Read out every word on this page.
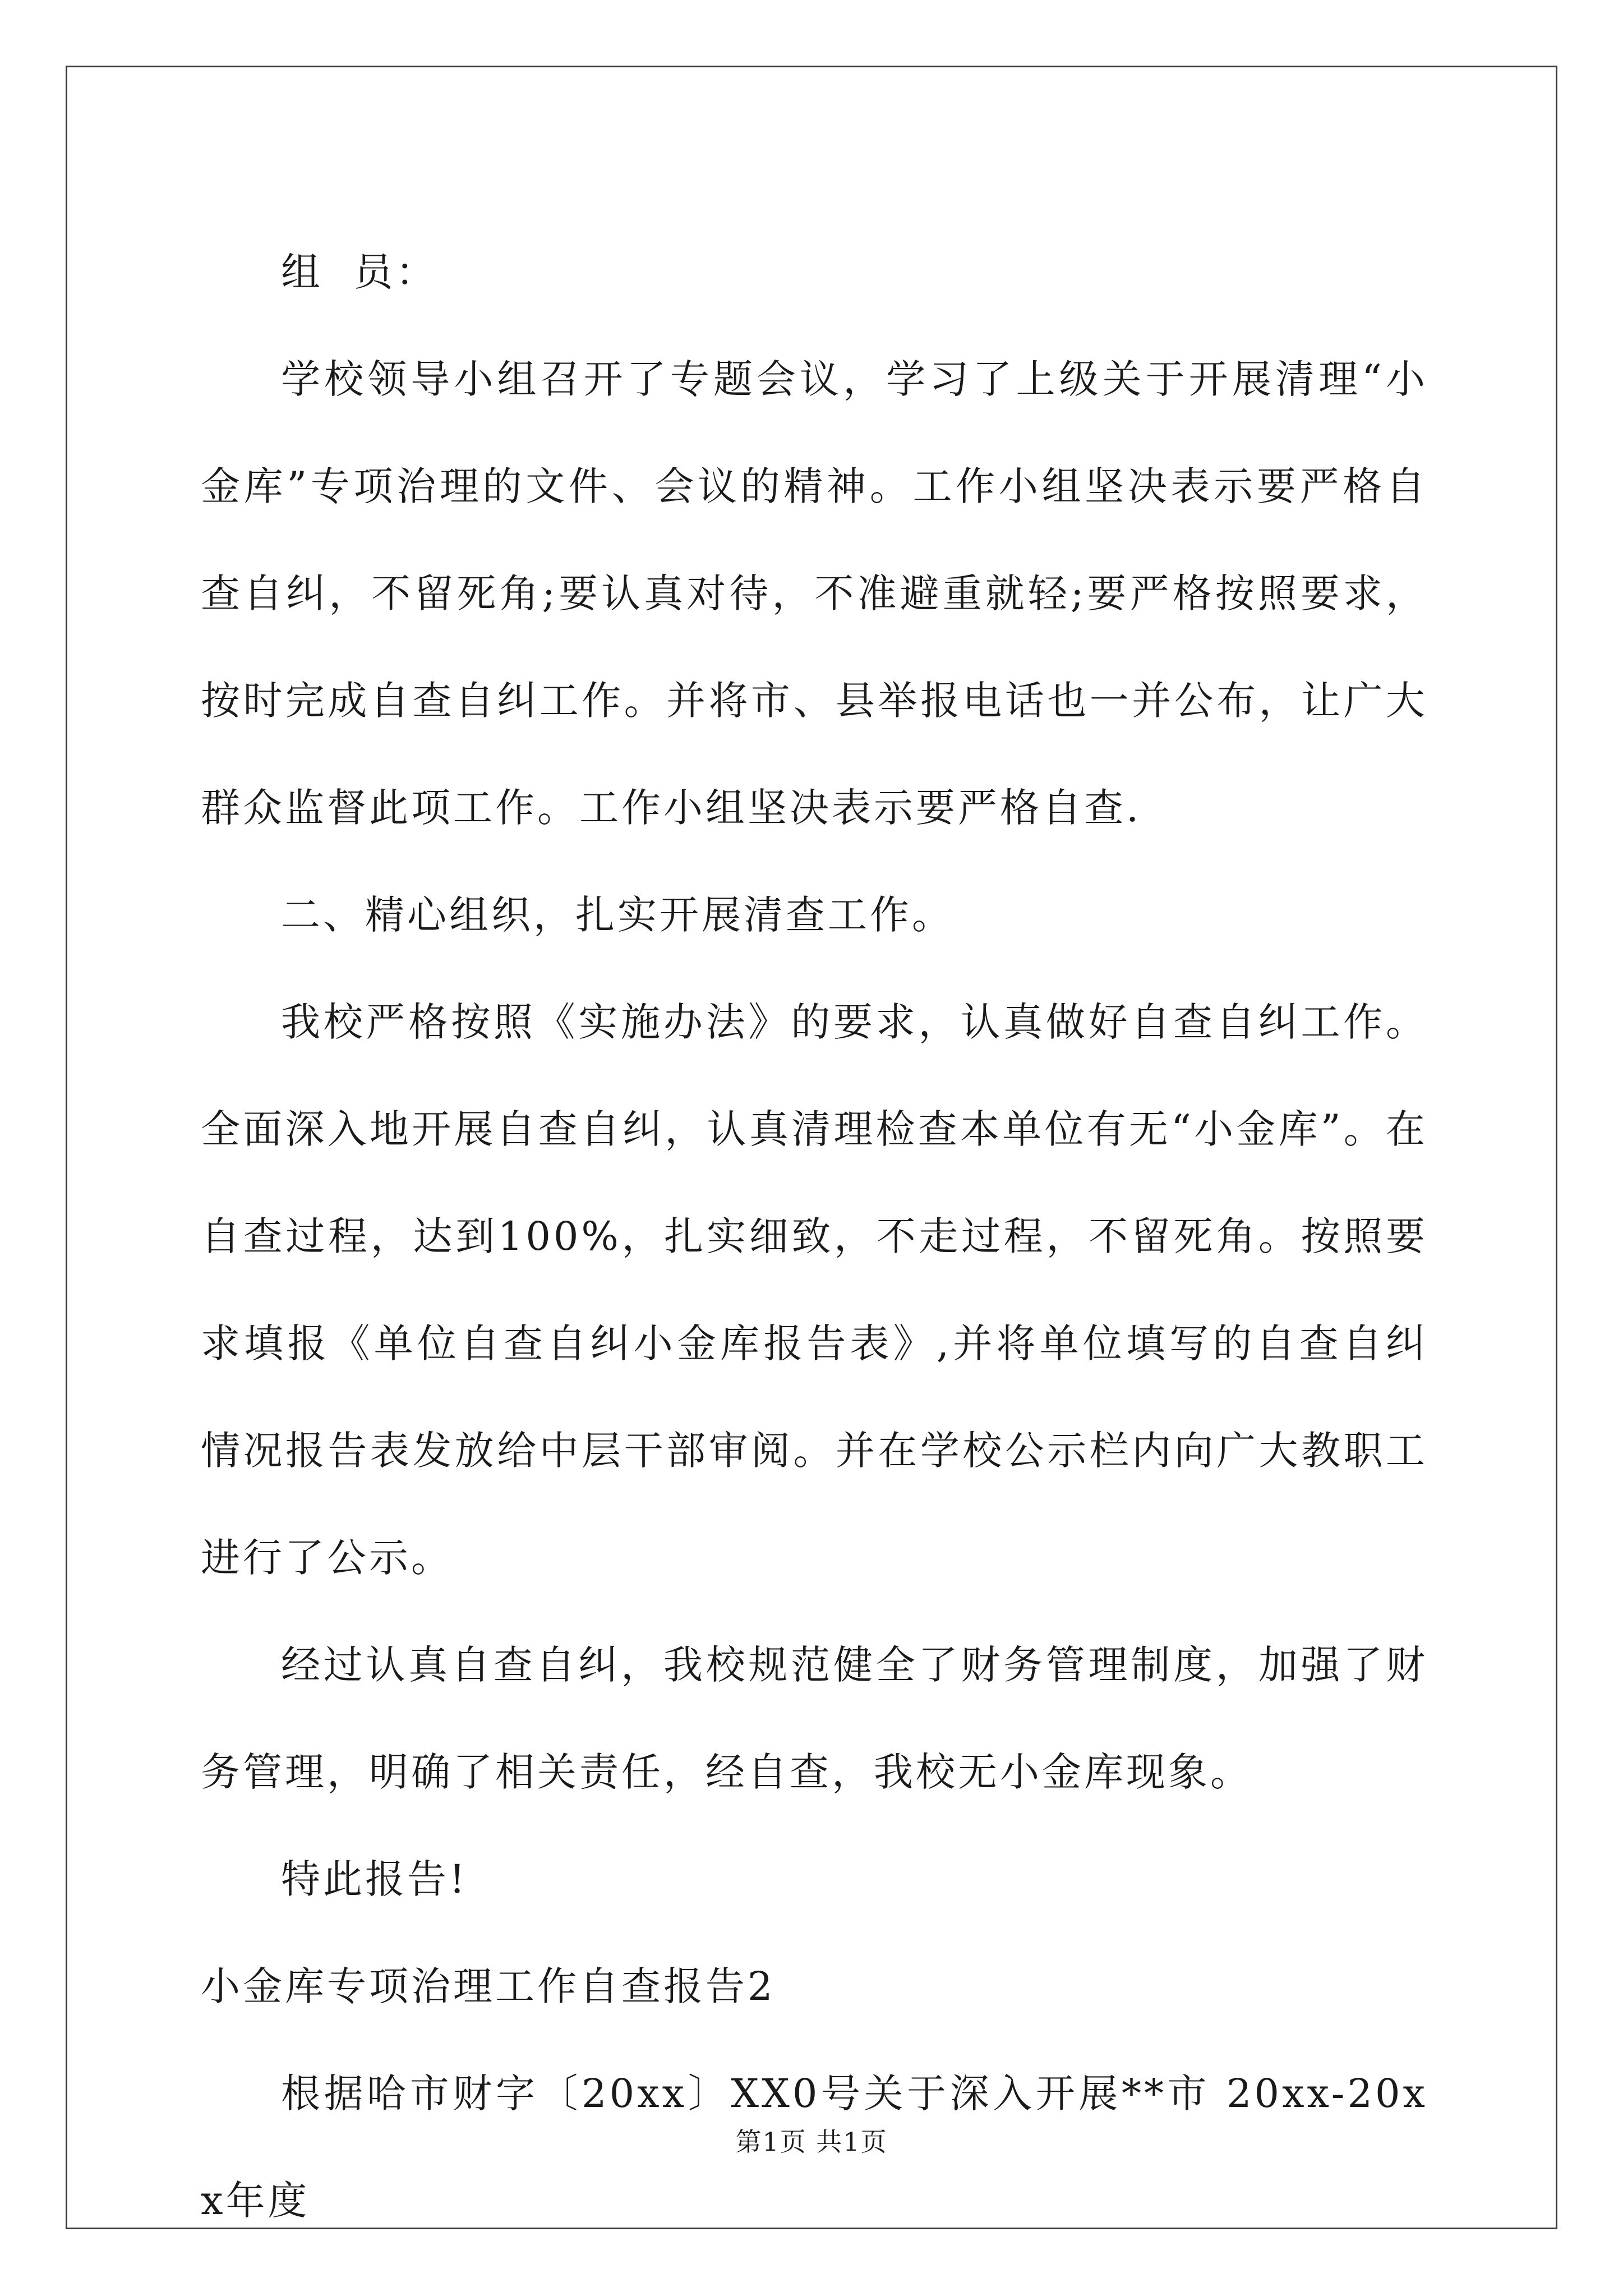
组  员：

学校领导小组召开了专题会议，学习了上级关于开展清理“小金库”专项治理的文件、会议的精神。工作小组坚决表示要严格自查自纠，不留死角;要认真对待，不准避重就轻;要严格按照要求，按时完成自查自纠工作。并将市、县举报电话也一并公布，让广大群众监督此项工作。工作小组坚决表示要严格自查.

二、精心组织，扎实开展清查工作。

我校严格按照《实施办法》的要求，认真做好自查自纠工作。全面深入地开展自查自纠，认真清理检查本单位有无“小金库”。在自查过程，达到100%，扎实细致，不走过程，不留死角。按照要求填报《单位自查自纠小金库报告表》,并将单位填写的自查自纠情况报告表发放给中层干部审阅。并在学校公示栏内向广大教职工进行了公示。

经过认真自查自纠，我校规范健全了财务管理制度，加强了财务管理，明确了相关责任，经自查，我校无小金库现象。

特此报告!

小金库专项治理工作自查报告2

根据哈市财字〔20xx〕XX0号关于深入开展**市 20xx-20xx年度

第1页 共1页
